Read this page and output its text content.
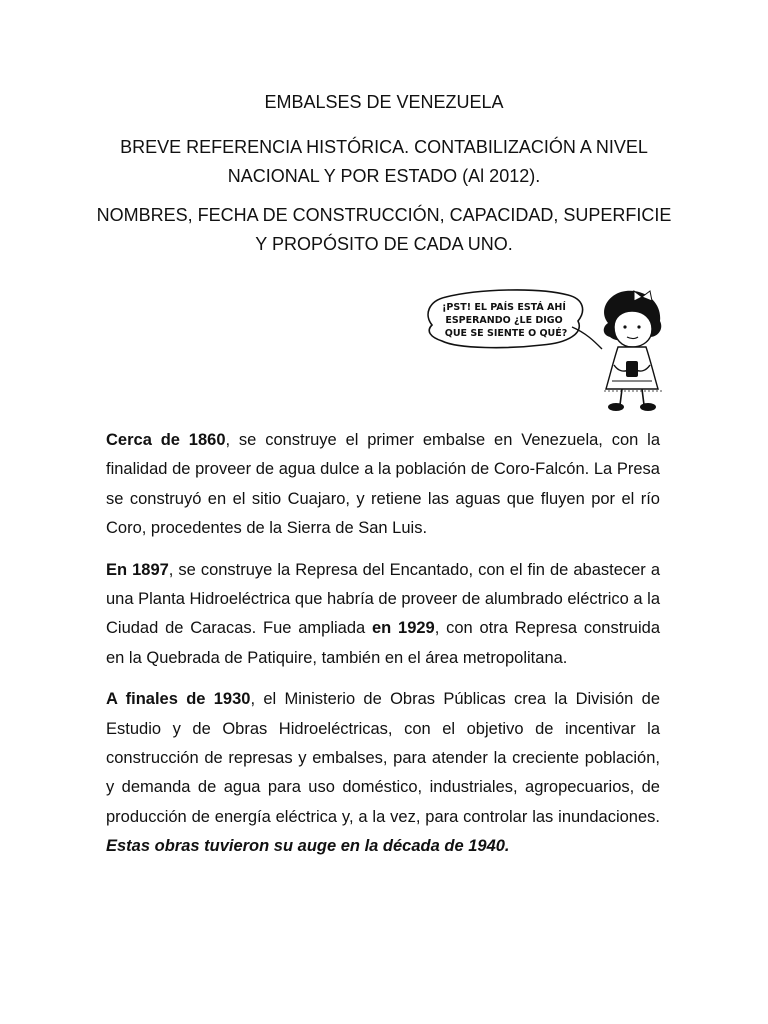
EMBALSES DE VENEZUELA

BREVE REFERENCIA HISTÓRICA. CONTABILIZACIÓN A NIVEL NACIONAL Y POR ESTADO (Al 2012).

NOMBRES, FECHA DE CONSTRUCCIÓN, CAPACIDAD, SUPERFICIE Y PROPÓSITO DE CADA UNO.

¡PST! EL PAÍS ESTÁ AHÍ
ESPERANDO ¿LE DIGO
QUE SE SIENTE O QUÉ?

Cerca de 1860, se construye el primer embalse en Venezuela, con la finalidad de proveer de agua dulce a la población de Coro-Falcón. La Presa se construyó en el sitio Cuajaro, y retiene las aguas que fluyen por el río Coro, procedentes de la Sierra de San Luis.

En 1897, se construye la Represa del Encantado, con el fin de abastecer a una Planta Hidroeléctrica que habría de proveer de alumbrado eléctrico a la Ciudad de Caracas. Fue ampliada en 1929, con otra Represa construida en la Quebrada de Patiquire, también en el área metropolitana.

A finales de 1930, el Ministerio de Obras Públicas crea la División de Estudio y de Obras Hidroeléctricas, con el objetivo de incentivar la construcción de represas y embalses, para atender la creciente población, y demanda de agua para uso doméstico, industriales, agropecuarios, de producción de energía eléctrica y, a la vez, para controlar las inundaciones. Estas obras tuvieron su auge en la década de 1940.
